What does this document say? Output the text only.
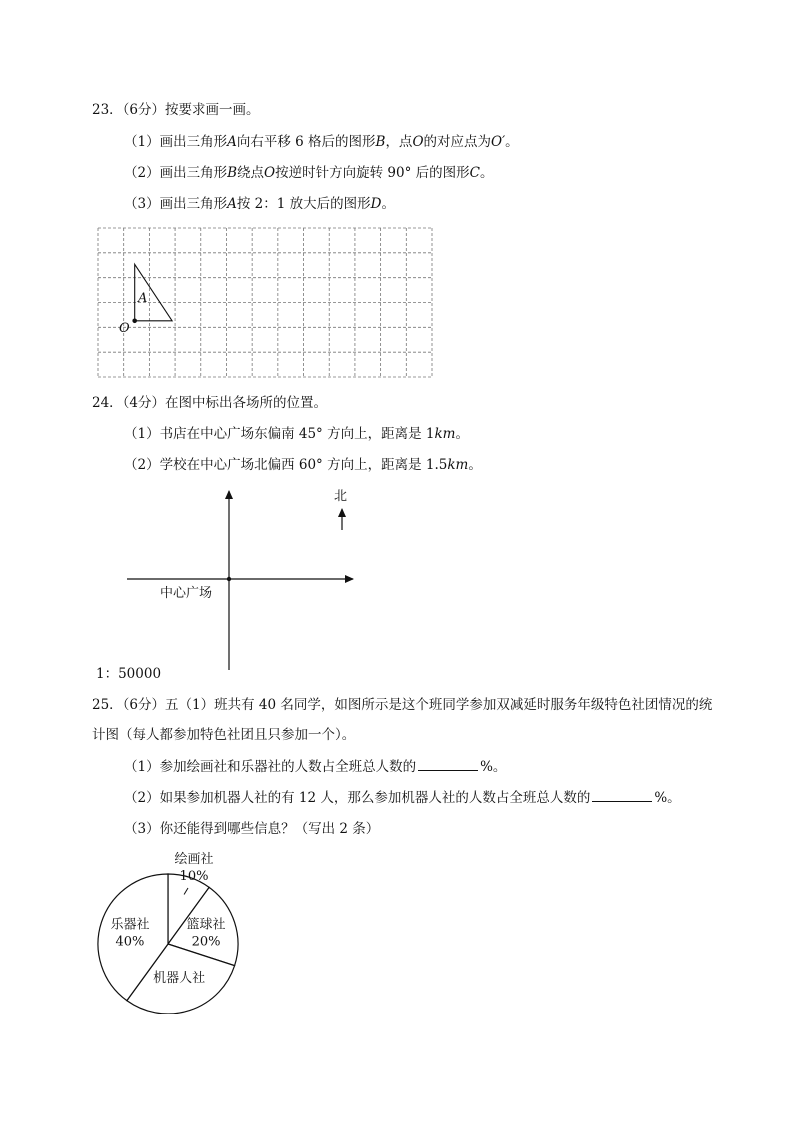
23．（6分）按要求画一画。
（1）画出三角形A向右平移 6 格后的图形B，点O的对应点为O′。
（2）画出三角形B绕点O按逆时针方向旋转 90° 后的图形C。
（3）画出三角形A按 2：1 放大后的图形D。
A
O
24．（4分）在图中标出各场所的位置。
（1）书店在中心广场东偏南 45° 方向上，距离是 1km。
（2）学校在中心广场北偏西 60° 方向上，距离是 1.5km。
中心广场
北
1：50000
25．（6分）五（1）班共有 40 名同学，如图所示是这个班同学参加双减延时服务年级特色社团情况的统
计图（每人都参加特色社团且只参加一个）。
（1）参加绘画社和乐器社的人数占全班总人数的	%。
（2）如果参加机器人社的有 12 人，那么参加机器人社的人数占全班总人数的	%。
（3）你还能得到哪些信息？（写出 2 条）
绘画社
10%
篮球社
20%
机器人社
乐器社
40%
